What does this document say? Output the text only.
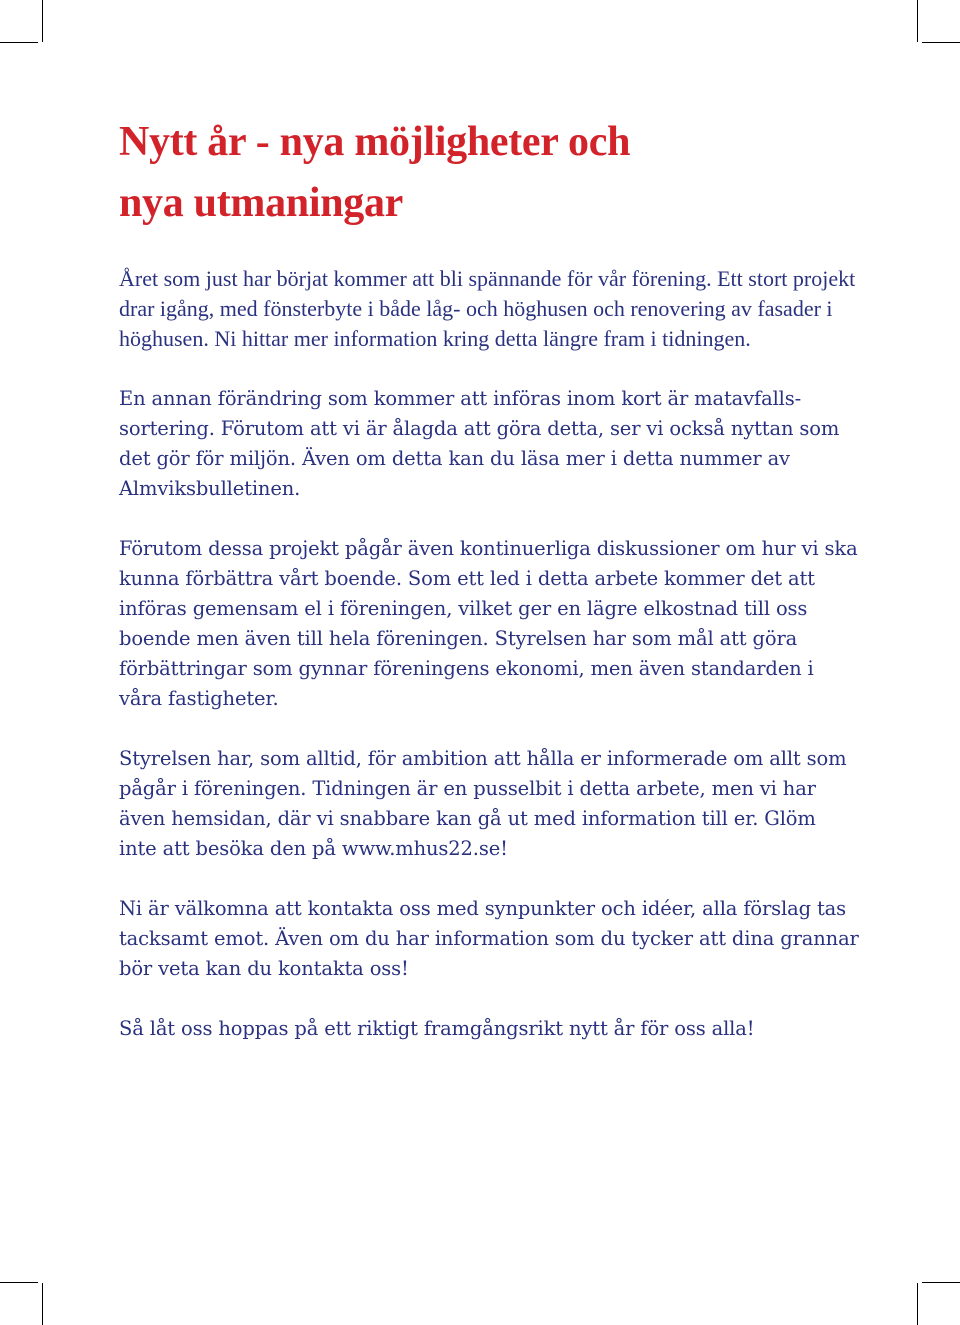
Nytt år - nya möjligheter och
nya utmaningar

Året som just har börjat kommer att bli spännande för vår förening. Ett stort projekt drar igång, med fönsterbyte i både låg- och höghusen och renovering av fasader i höghusen. Ni hittar mer information kring detta längre fram i tidningen.

En annan förändring som kommer att införas inom kort är matavfallssortering. Förutom att vi är ålagda att göra detta, ser vi också nyttan som det gör för miljön. Även om detta kan du läsa mer i detta nummer av Almviksbulletinen.

Förutom dessa projekt pågår även kontinuerliga diskussioner om hur vi ska kunna förbättra vårt boende. Som ett led i detta arbete kommer det att införas gemensam el i föreningen, vilket ger en lägre elkostnad till oss boende men även till hela föreningen. Styrelsen har som mål att göra förbättringar som gynnar föreningens ekonomi, men även standarden i våra fastigheter.

Styrelsen har, som alltid, för ambition att hålla er informerade om allt som pågår i föreningen. Tidningen är en pusselbit i detta arbete, men vi har även hemsidan, där vi snabbare kan gå ut med information till er. Glöm inte att besöka den på www.mhus22.se!

Ni är välkomna att kontakta oss med synpunkter och idéer, alla förslag tas tacksamt emot. Även om du har information som du tycker att dina grannar bör veta kan du kontakta oss!

Så låt oss hoppas på ett riktigt framgångsrikt nytt år för oss alla!
